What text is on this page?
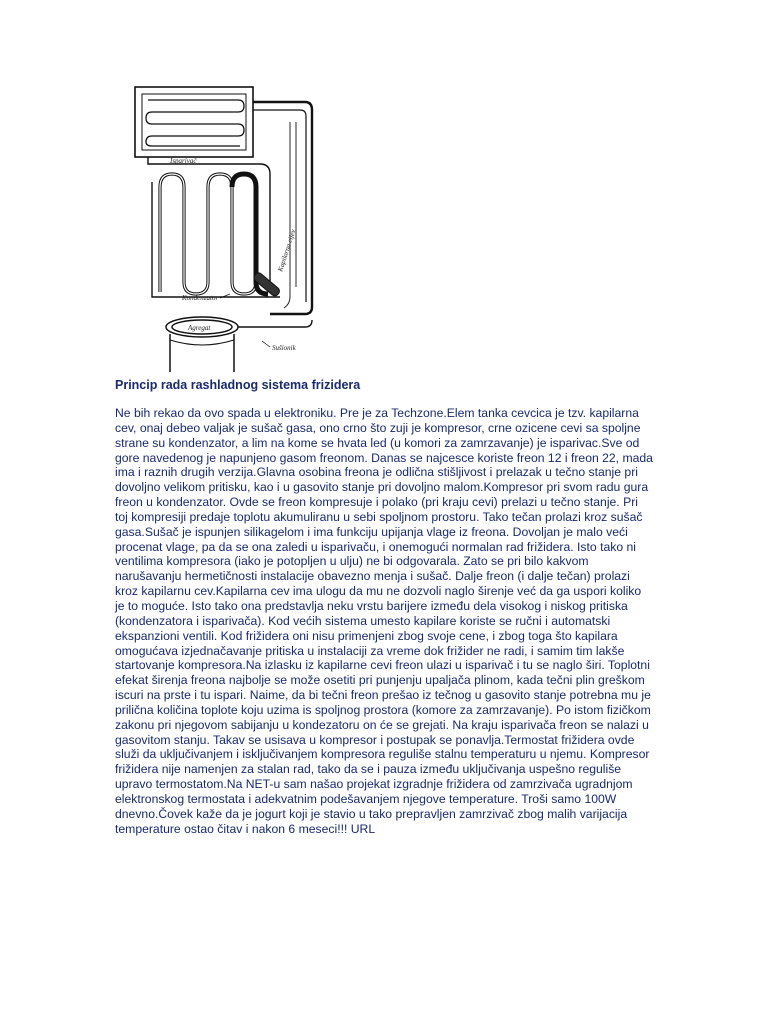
Isparivač
Kondenzator
Agregat
Sušionik
Kapilarna cijev
Princip rada rashladnog sistema frizidera

Ne bih rekao da ovo spada u elektroniku. Pre je za Techzone.Elem tanka cevcica je tzv. kapilarna cev, onaj debeo valjak je sušač gasa, ono crno što zuji je kompresor, crne ozicene cevi sa spoljne strane su kondenzator, a lim na kome se hvata led (u komori za zamrzavanje) je isparivac.Sve od gore navedenog je napunjeno gasom freonom. Danas se najcesce koriste freon 12 i freon 22, mada ima i raznih drugih verzija.Glavna osobina freona je odlična stišljivost i prelazak u tečno stanje pri dovoljno velikom pritisku, kao i u gasovito stanje pri dovoljno malom.Kompresor pri svom radu gura freon u kondenzator. Ovde se freon kompresuje i polako (pri kraju cevi) prelazi u tečno stanje. Pri toj kompresiji predaje toplotu akumuliranu u sebi spoljnom prostoru. Tako tečan prolazi kroz sušač gasa.Sušač je ispunjen silikagelom i ima funkciju upijanja vlage iz freona. Dovoljan je malo veći procenat vlage, pa da se ona zaledi u isparivaču, i onemogući normalan rad frižidera. Isto tako ni ventilima kompresora (iako je potopljen u ulju) ne bi odgovarala. Zato se pri bilo kakvom narušavanju hermetičnosti instalacije obavezno menja i sušač. Dalje freon (i dalje tečan) prolazi kroz kapilarnu cev.Kapilarna cev ima ulogu da mu ne dozvoli naglo širenje već da ga uspori koliko je to moguće. Isto tako ona predstavlja neku vrstu barijere između dela visokog i niskog pritiska (kondenzatora i isparivača). Kod većih sistema umesto kapilare koriste se ručni i automatski ekspanzioni ventili. Kod frižidera oni nisu primenjeni zbog svoje cene, i zbog toga što kapilara omogućava izjednačavanje pritiska u instalaciji za vreme dok frižider ne radi, i samim tim lakše startovanje kompresora.Na izlasku iz kapilarne cevi freon ulazi u isparivač i tu se naglo širi. Toplotni efekat širenja freona najbolje se može osetiti pri punjenju upaljača plinom, kada tečni plin greškom iscuri na prste i tu ispari. Naime, da bi tečni freon prešao iz tečnog u gasovito stanje potrebna mu je prilična količina toplote koju uzima is spoljnog prostora (komore za zamrzavanje). Po istom fizičkom zakonu pri njegovom sabijanju u kondezatoru on će se grejati. Na kraju isparivača freon se nalazi u gasovitom stanju. Takav se usisava u kompresor i postupak se ponavlja.Termostat frižidera ovde služi da uključivanjem i isključivanjem kompresora reguliše stalnu temperaturu u njemu. Kompresor frižidera nije namenjen za stalan rad, tako da se i pauza između uključivanja uspešno reguliše upravo termostatom.Na NET-u sam našao projekat izgradnje frižidera od zamrzivača ugradnjom elektronskog termostata i adekvatnim podešavanjem njegove temperature. Troši samo 100W dnevno.Čovek kaže da je jogurt koji je stavio u tako prepravljen zamrzivač zbog malih varijacija temperature ostao čitav i nakon 6 meseci!!! URL
